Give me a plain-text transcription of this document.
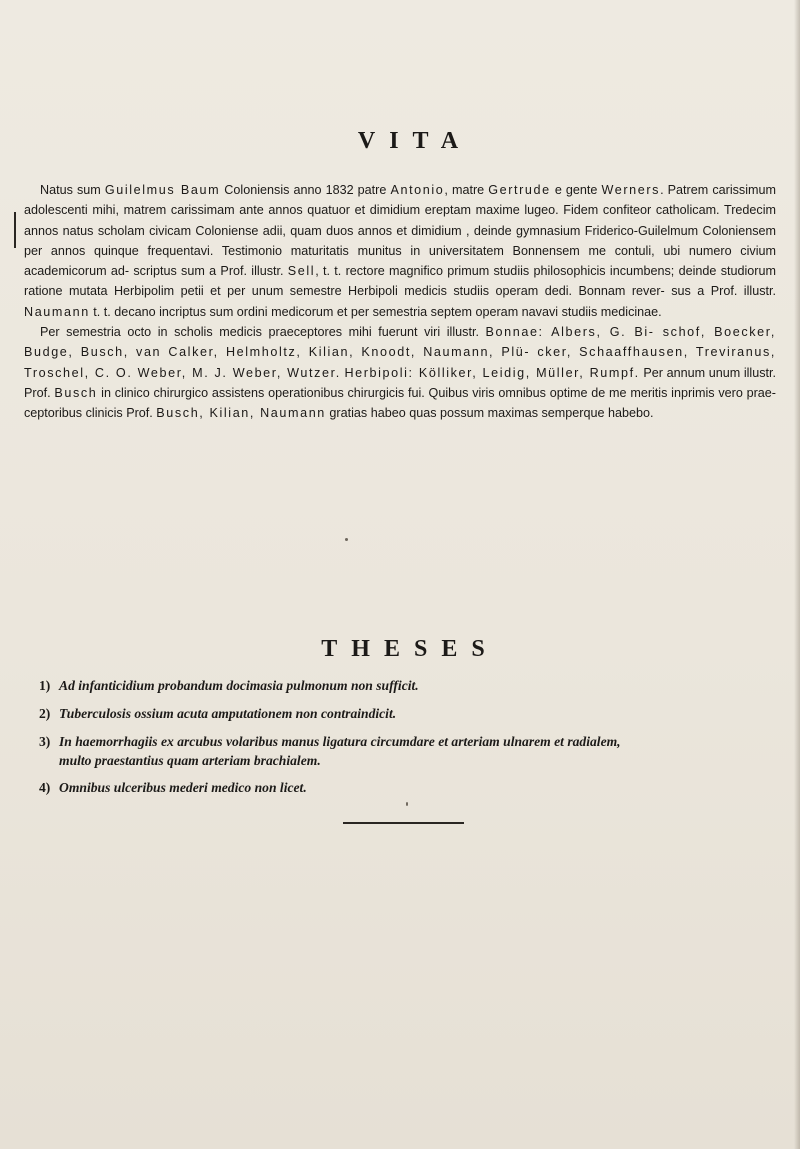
VITA

Natus sum Guilelmus Baum Coloniensis anno 1832 patre Antonio, matre Gertrude e gente Werners. Patrem carissimum adolescenti mihi, matrem carissimam ante annos quatuor et dimidium ereptam maxime lugeo. Fidem confiteor catholicam. Tredecim annos natus scholam civicam Coloniense adii, quam duos annos et dimidium , deinde gymnasium Friderico-Guilelmum Coloniensem per annos quinque frequentavi. Testimonio maturitatis munitus in universitatem Bonnensem me contuli, ubi numero civium academicorum ad- scriptus sum a Prof. illustr. Sell, t. t. rectore magnifico primum studiis philosophicis incumbens; deinde studiorum ratione mutata Herbipolim petii et per unum semestre Herbipoli medicis studiis operam dedi. Bonnam rever- sus a Prof. illustr. Naumann t. t. decano incriptus sum ordini medicorum et per semestria septem operam navavi studiis medicinae.

Per semestria octo in scholis medicis praeceptores mihi fuerunt viri illustr. Bonnae: Albers, G. Bi- schof, Boecker, Budge, Busch, van Calker, Helmholtz, Kilian, Knoodt, Naumann, Plü- cker, Schaaffhausen, Treviranus, Troschel, C. O. Weber, M. J. Weber, Wutzer. Herbipoli: Kölliker, Leidig, Müller, Rumpf. Per annum unum illustr. Prof. Busch in clinico chirurgico assistens operationibus chirurgicis fui. Quibus viris omnibus optime de me meritis inprimis vero prae- ceptoribus clinicis Prof. Busch, Kilian, Naumann gratias habeo quas possum maximas semperque habebo.

THESES
1) Ad infanticidium probandum docimasia pulmonum non sufficit.
2) Tuberculosis ossium acuta amputationem non contraindicit.
3) In haemorrhagiis ex arcubus volaribus manus ligatura circumdare et arteriam ulnarem et radialem,
multo praestantius quam arteriam brachialem.
4) Omnibus ulceribus mederi medico non licet.
